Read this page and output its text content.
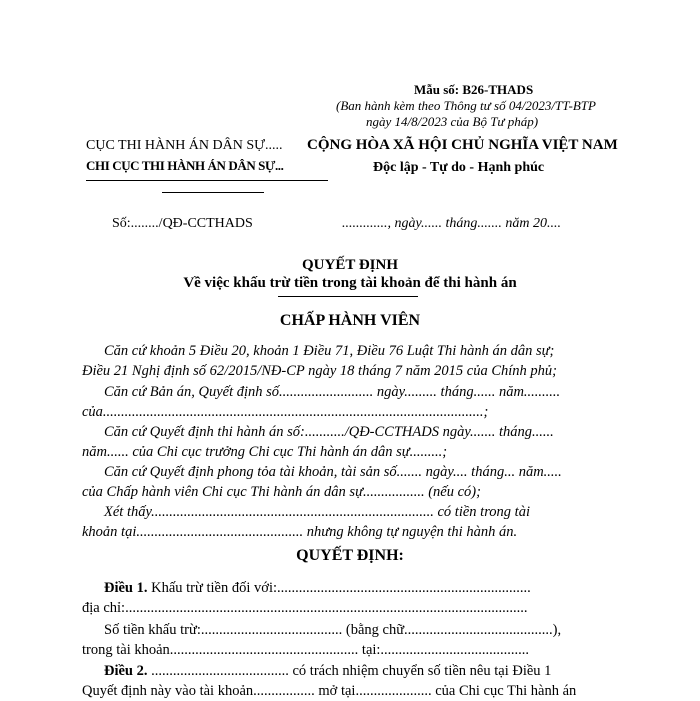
Mẫu số: B26-THADS
(Ban hành kèm theo Thông tư số 04/2023/TT-BTP
ngày 14/8/2023 của Bộ Tư pháp)
CỤC THI HÀNH ÁN DÂN SỰ.....
CHI CỤC THI HÀNH ÁN DÂN SỰ...
CỘNG HÒA XÃ HỘI CHỦ NGHĨA VIỆT NAM
Độc lập - Tự do - Hạnh phúc
Số:......../QĐ-CCTHADS	............., ngày...... tháng....... năm 20....
QUYẾT ĐỊNH
Về việc khấu trừ tiền trong tài khoản để thi hành án
CHẤP HÀNH VIÊN
Căn cứ khoản 5 Điều 20, khoản 1 Điều 71, Điều 76 Luật Thi hành án dân sự;
Điều 21 Nghị định số 62/2015/NĐ-CP ngày 18 tháng 7 năm 2015 của Chính phủ;
Căn cứ Bản án, Quyết định số.......................... ngày......... tháng...... năm..........
của.........................................................................................................;
Căn cứ Quyết định thi hành án số:.........../QĐ-CCTHADS ngày....... tháng......
năm...... của Chi cục trưởng Chi cục Thi hành án dân sự.........;
Căn cứ Quyết định phong tỏa tài khoản, tài sản số....... ngày.... tháng... năm.....
của Chấp hành viên Chi cục Thi hành án dân sự................. (nếu có);
Xét thấy.............................................................................. có tiền trong tài
khoản tại.............................................. nhưng không tự nguyện thi hành án.
QUYẾT ĐỊNH:
Điều 1. Khấu trừ tiền đối với:......................................................................
địa chỉ:...............................................................................................................
Số tiền khấu trừ:....................................... (bằng chữ.........................................),
trong tài khoản.................................................... tại:.........................................
Điều 2. ...................................... có trách nhiệm chuyển số tiền nêu tại Điều 1
Quyết định này vào tài khoản................. mở tại..................... của Chi cục Thi hành án
